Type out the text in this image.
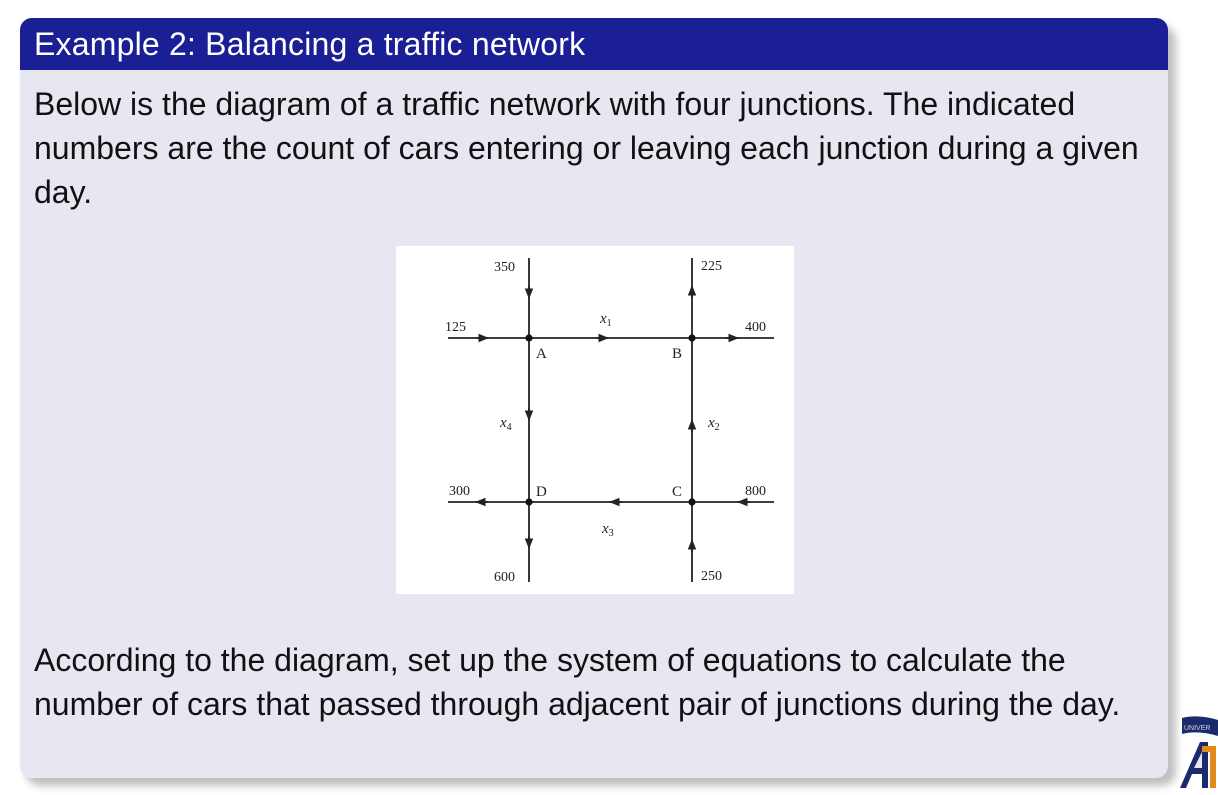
Example 2: Balancing a traffic network
Below is the diagram of a traffic network with four junctions. The indicated numbers are the count of cars entering or leaving each junction during a given day.
A	B
C
D
350
125
225
400
300
600
800
250
$x_1$
$x_2$
$x_3$
$x_4$
According to the diagram, set up the system of equations to calculate the number of cars that passed through adjacent pair of junctions during the day.
UNIVER
